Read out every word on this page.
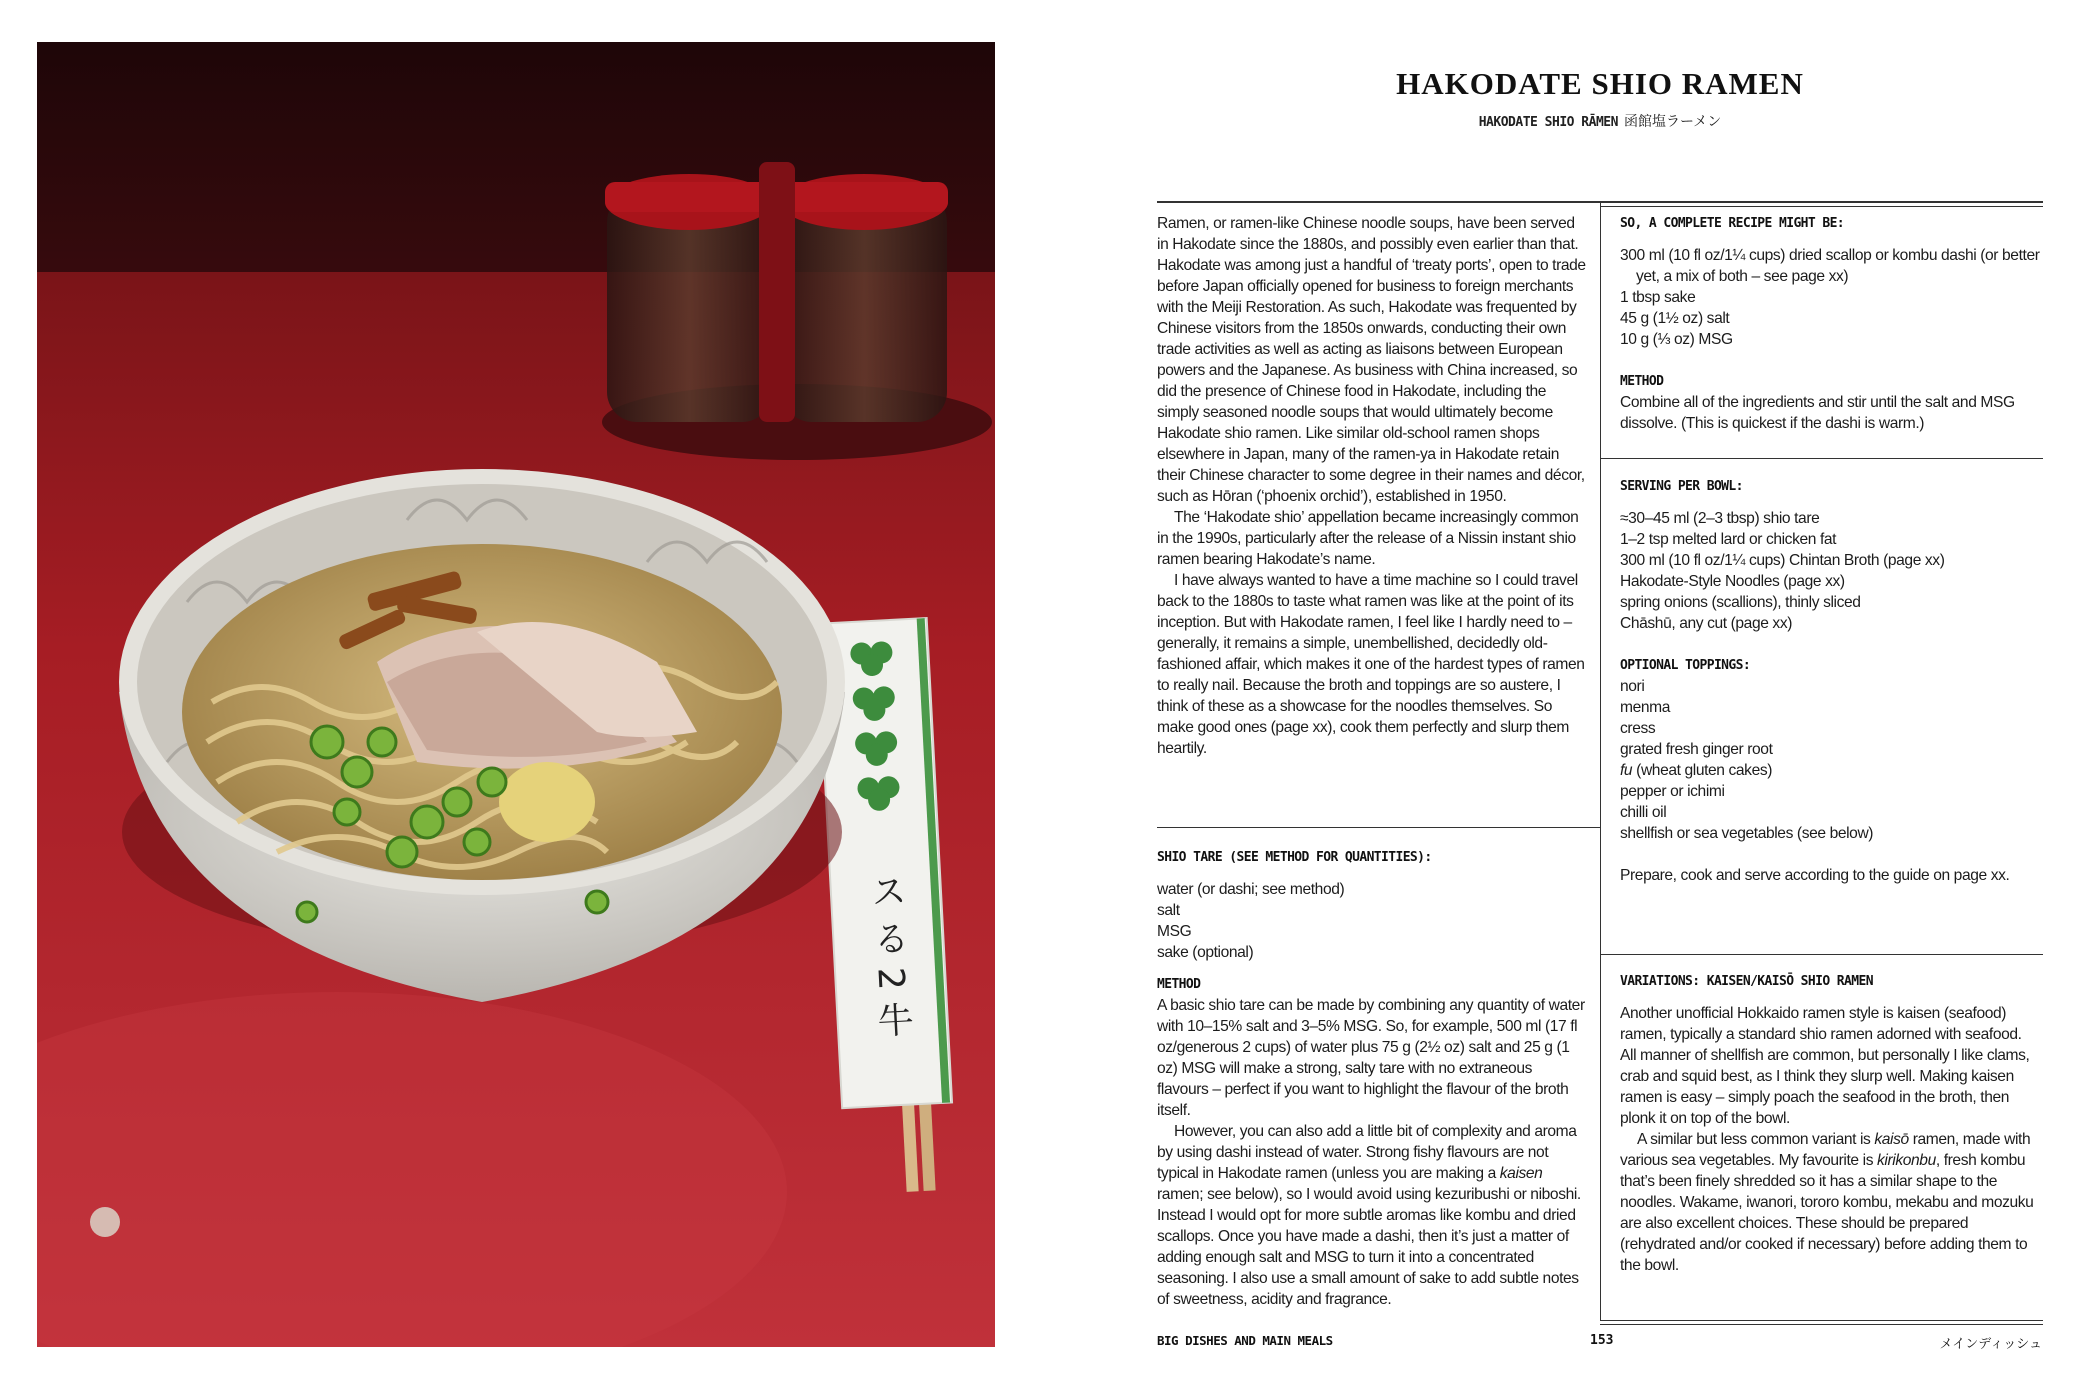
ス る 2 牛
HAKODATE SHIO RAMEN
HAKODATE SHIO RĀMEN 函館塩ラーメン

Ramen, or ramen-like Chinese noodle soups, have been served in Hakodate since the 1880s, and possibly even earlier than that. Hakodate was among just a handful of ‘treaty ports’, open to trade before Japan officially opened for business to foreign merchants with the Meiji Restoration. As such, Hakodate was frequented by Chinese visitors from the 1850s onwards, conducting their own trade activities as well as acting as liaisons between European powers and the Japanese. As business with China increased, so did the presence of Chinese food in Hakodate, including the simply seasoned noodle soups that would ultimately become Hakodate shio ramen. Like similar old-school ramen shops elsewhere in Japan, many of the ramen-ya in Hakodate retain their Chinese character to some degree in their names and décor, such as Hōran (‘phoenix orchid’), established in 1950.

The ‘Hakodate shio’ appellation became increasingly common in the 1990s, particularly after the release of a Nissin instant shio ramen bearing Hakodate’s name.

I have always wanted to have a time machine so I could travel back to the 1880s to taste what ramen was like at the point of its inception. But with Hakodate ramen, I feel like I hardly need to – generally, it remains a simple, unembellished, decidedly old-fashioned affair, which makes it one of the hardest types of ramen to really nail. Because the broth and toppings are so austere, I think of these as a showcase for the noodles themselves. So make good ones (page xx), cook them perfectly and slurp them heartily.

SHIO TARE (SEE METHOD FOR QUANTITIES):

water (or dashi; see method)

salt

MSG

sake (optional)

METHOD

A basic shio tare can be made by combining any quantity of water with 10–15% salt and 3–5% MSG. So, for example, 500 ml (17 fl oz/generous 2 cups) of water plus 75 g (2½ oz) salt and 25 g (1 oz) MSG will make a strong, salty tare with no extraneous flavours – perfect if you want to highlight the flavour of the broth itself.

However, you can also add a little bit of complexity and aroma by using dashi instead of water. Strong fishy flavours are not typical in Hakodate ramen (unless you are making a kaisen ramen; see below), so I would avoid using kezuribushi or niboshi. Instead I would opt for more subtle aromas like kombu and dried scallops. Once you have made a dashi, then it’s just a matter of adding enough salt and MSG to turn it into a concentrated seasoning. I also use a small amount of sake to add subtle notes of sweetness, acidity and fragrance.

SO, A COMPLETE RECIPE MIGHT BE:

300 ml (10 fl oz/1¼ cups) dried scallop or kombu dashi (or better yet, a mix of both – see page xx)

1 tbsp sake

45 g (1½ oz) salt

10 g (⅓ oz) MSG

METHOD

Combine all of the ingredients and stir until the salt and MSG dissolve. (This is quickest if the dashi is warm.)

SERVING PER BOWL:

≈30–45 ml (2–3 tbsp) shio tare

1–2 tsp melted lard or chicken fat

300 ml (10 fl oz/1¼ cups) Chintan Broth (page xx)

Hakodate-Style Noodles (page xx)

spring onions (scallions), thinly sliced

Chāshū, any cut (page xx)

OPTIONAL TOPPINGS:

nori

menma

cress

grated fresh ginger root

fu (wheat gluten cakes)

pepper or ichimi

chilli oil

shellfish or sea vegetables (see below)

Prepare, cook and serve according to the guide on page xx.

VARIATIONS: KAISEN/KAISŌ SHIO RAMEN

Another unofficial Hokkaido ramen style is kaisen (seafood) ramen, typically a standard shio ramen adorned with seafood. All manner of shellfish are common, but personally I like clams, crab and squid best, as I think they slurp well. Making kaisen ramen is easy – simply poach the seafood in the broth, then plonk it on top of the bowl.

A similar but less common variant is kaisō ramen, made with various sea vegetables. My favourite is kirikonbu, fresh kombu that’s been finely shredded so it has a similar shape to the noodles. Wakame, iwanori, tororo kombu, mekabu and mozuku are also excellent choices. These should be prepared (rehydrated and/or cooked if necessary) before adding them to the bowl.

BIG DISHES AND MAIN MEALS	153	メインディッシュ
